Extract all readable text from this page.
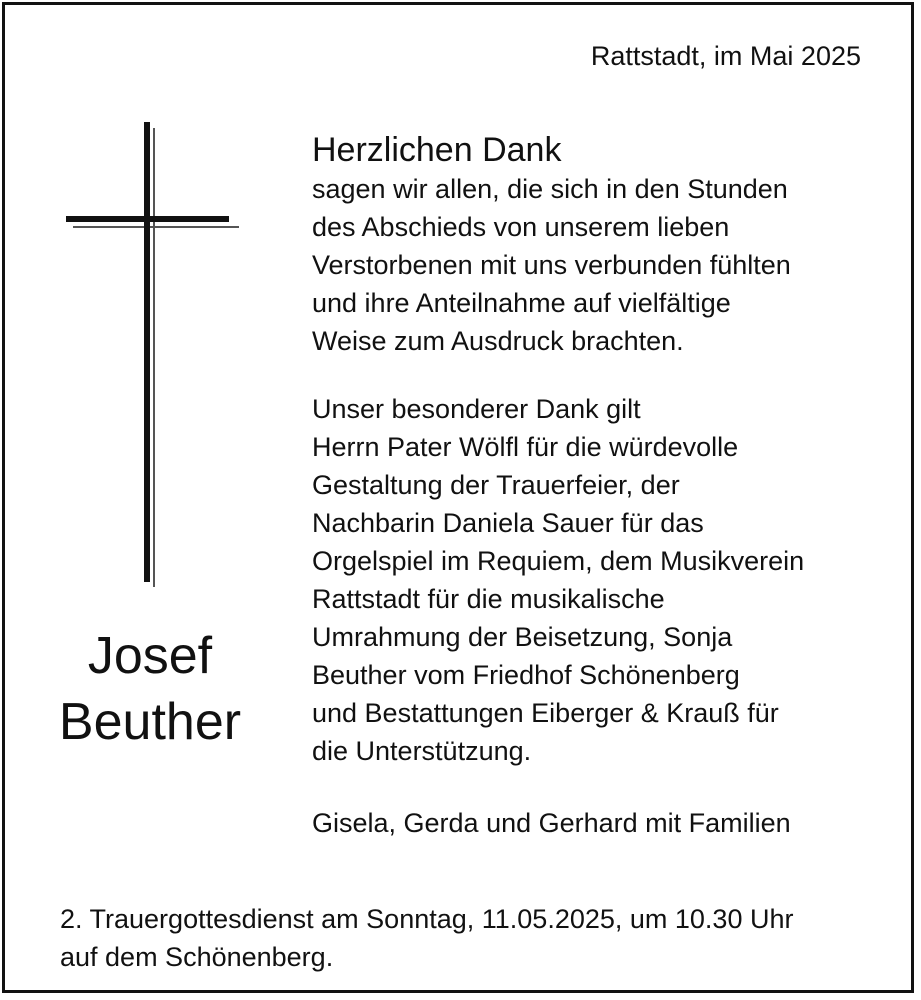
Rattstadt, im Mai 2025
Josef
Beuther
Herzlichen Dank
sagen wir allen, die sich in den Stunden
des Abschieds von unserem lieben
Verstorbenen mit uns verbunden fühlten
und ihre Anteilnahme auf vielfältige
Weise zum Ausdruck brachten.
Unser besonderer Dank gilt
Herrn Pater Wölfl für die würdevolle
Gestaltung der Trauerfeier, der
Nachbarin Daniela Sauer für das
Orgelspiel im Requiem, dem Musikverein
Rattstadt für die musikalische
Umrahmung der Beisetzung, Sonja
Beuther vom Friedhof Schönenberg
und Bestattungen Eiberger & Krauß für
die Unterstützung.
Gisela, Gerda und Gerhard mit Familien
2. Trauergottesdienst am Sonntag, 11.05.2025, um 10.30 Uhr
auf dem Schönenberg.
